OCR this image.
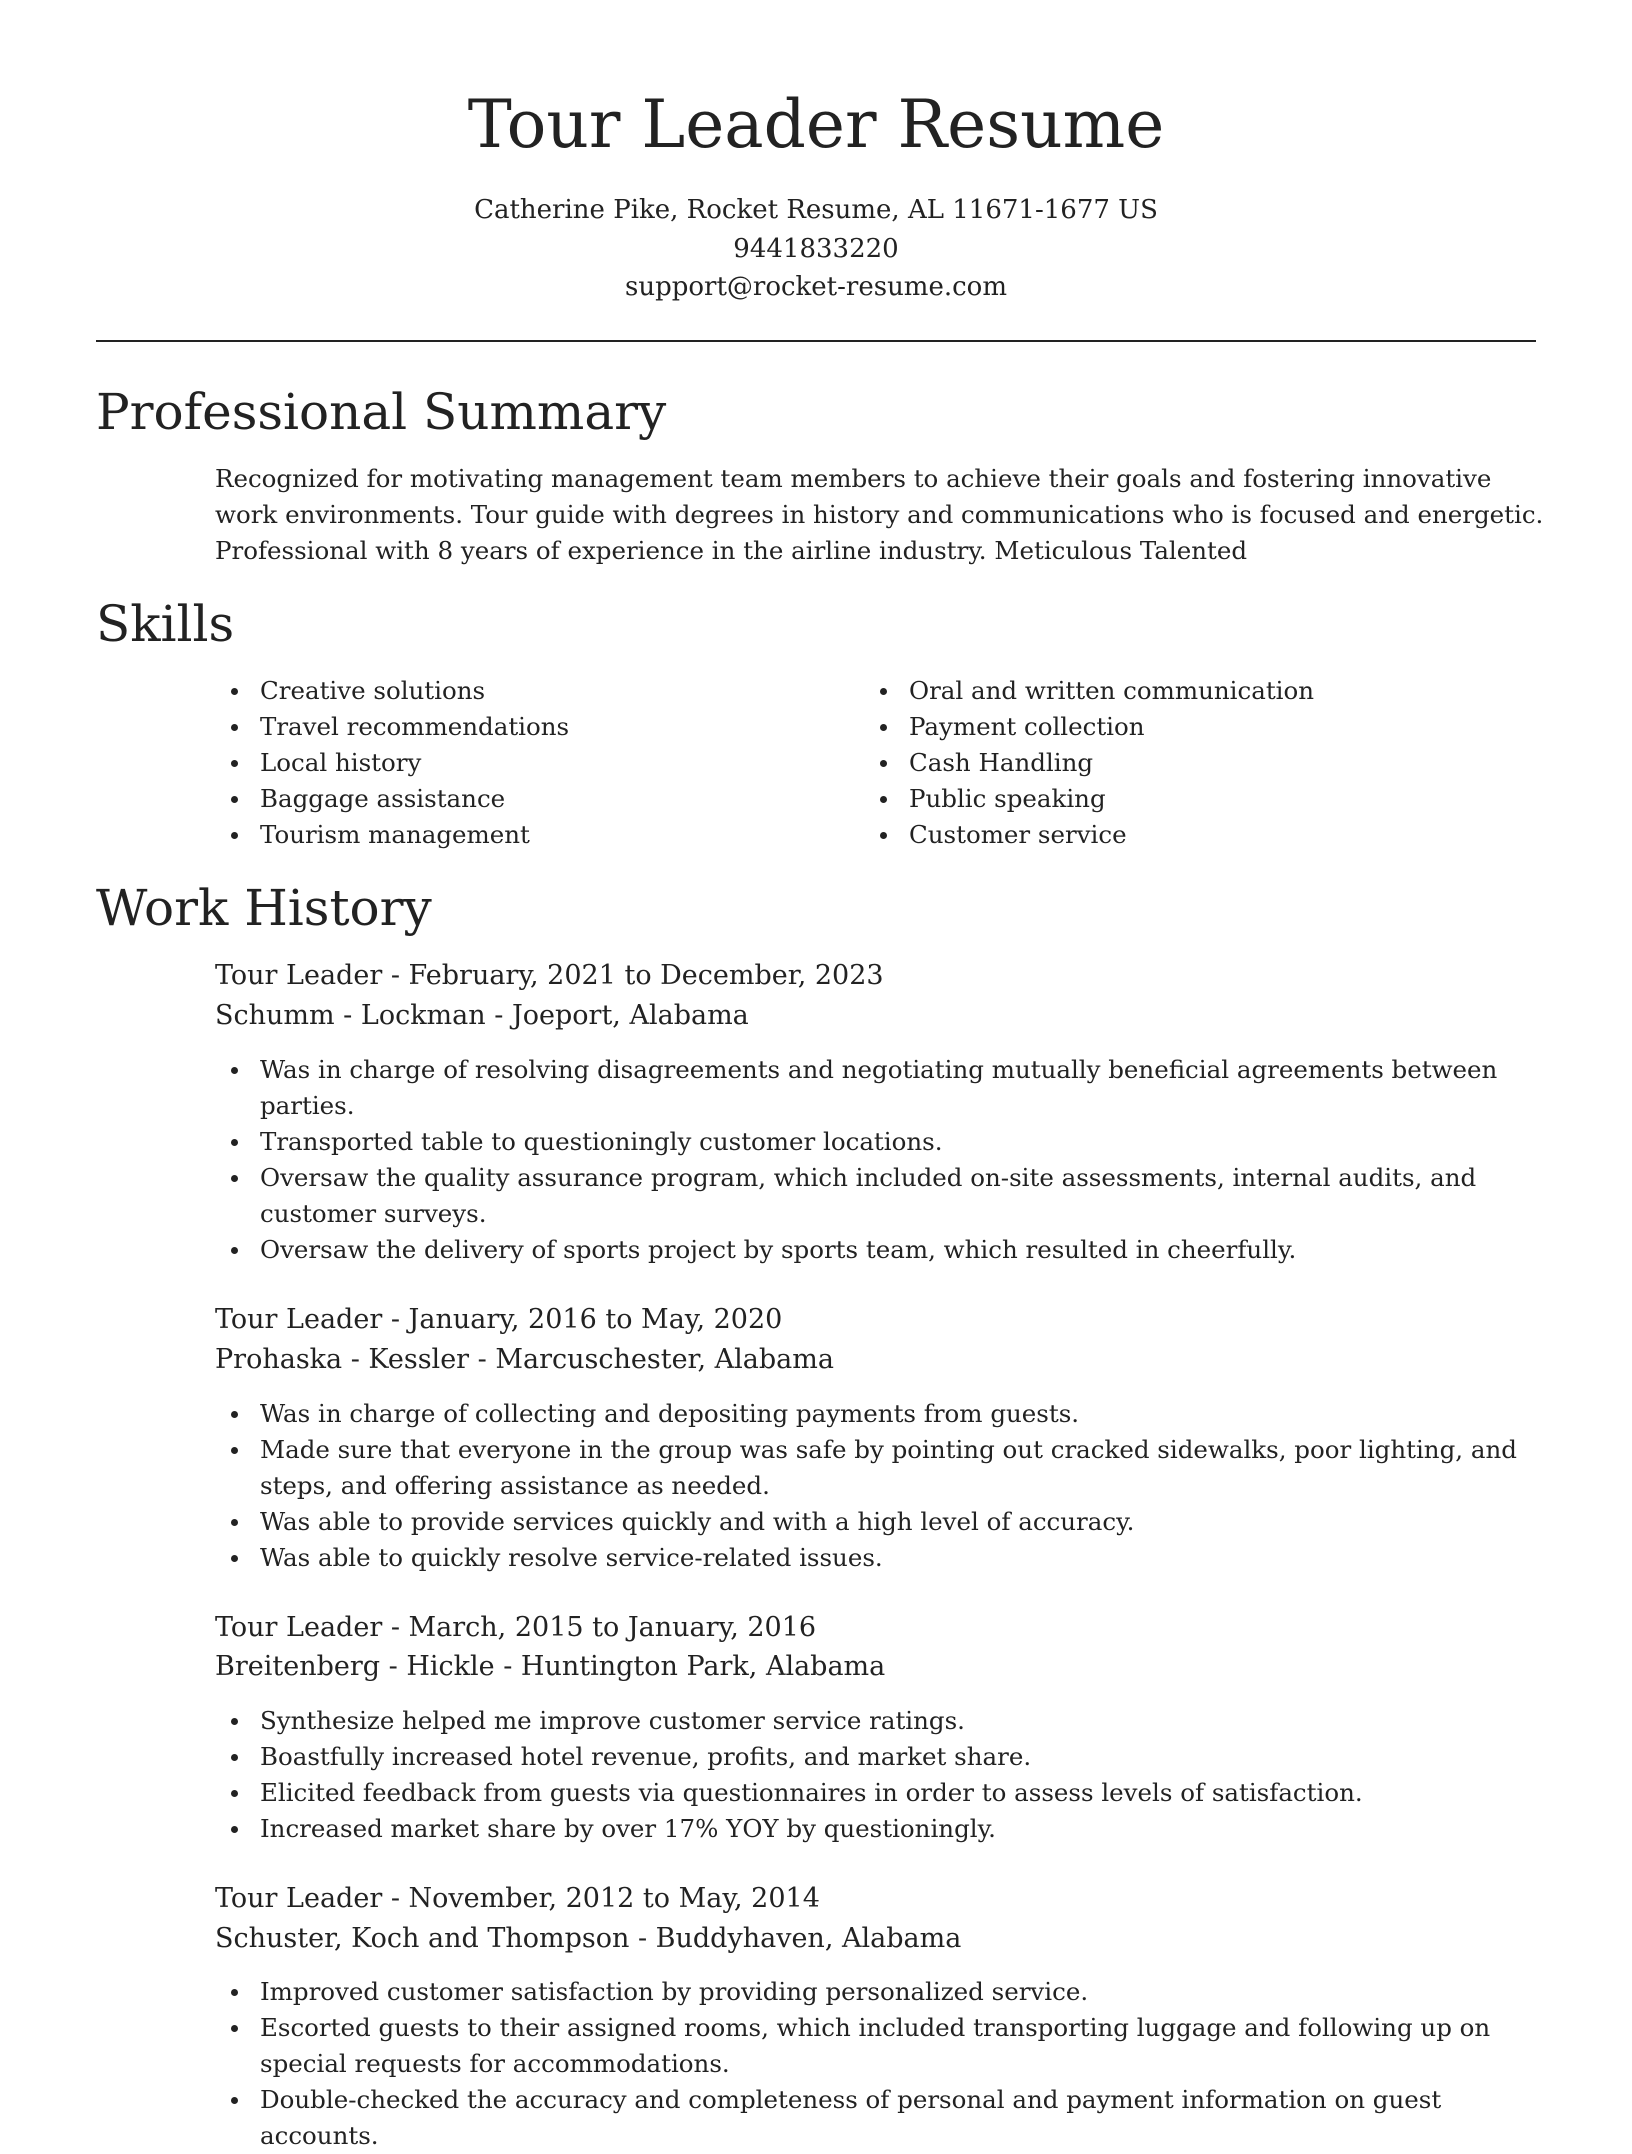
Tour Leader Resume
Catherine Pike, Rocket Resume, AL 11671-1677 US
9441833220
support@rocket-resume.com
Professional Summary

Recognized for motivating management team members to achieve their goals and fostering innovative work environments. Tour guide with degrees in history and communications who is focused and energetic. Professional with 8 years of experience in the airline industry. Meticulous Talented

Skills
Creative solutions
Travel recommendations
Local history
Baggage assistance
Tourism management
Oral and written communication
Payment collection
Cash Handling
Public speaking
Customer service
Work History
Tour Leader - February, 2021 to December, 2023
Schumm - Lockman - Joeport, Alabama
Was in charge of resolving disagreements and negotiating mutually beneficial agreements between parties.
Transported table to questioningly customer locations.
Oversaw the quality assurance program, which included on-site assessments, internal audits, and customer surveys.
Oversaw the delivery of sports project by sports team, which resulted in cheerfully.
Tour Leader - January, 2016 to May, 2020
Prohaska - Kessler - Marcuschester, Alabama
Was in charge of collecting and depositing payments from guests.
Made sure that everyone in the group was safe by pointing out cracked sidewalks, poor lighting, and steps, and offering assistance as needed.
Was able to provide services quickly and with a high level of accuracy.
Was able to quickly resolve service-related issues.
Tour Leader - March, 2015 to January, 2016
Breitenberg - Hickle - Huntington Park, Alabama
Synthesize helped me improve customer service ratings.
Boastfully increased hotel revenue, profits, and market share.
Elicited feedback from guests via questionnaires in order to assess levels of satisfaction.
Increased market share by over 17% YOY by questioningly.
Tour Leader - November, 2012 to May, 2014
Schuster, Koch and Thompson - Buddyhaven, Alabama
Improved customer satisfaction by providing personalized service.
Escorted guests to their assigned rooms, which included transporting luggage and following up on special requests for accommodations.
Double-checked the accuracy and completeness of personal and payment information on guest accounts.
